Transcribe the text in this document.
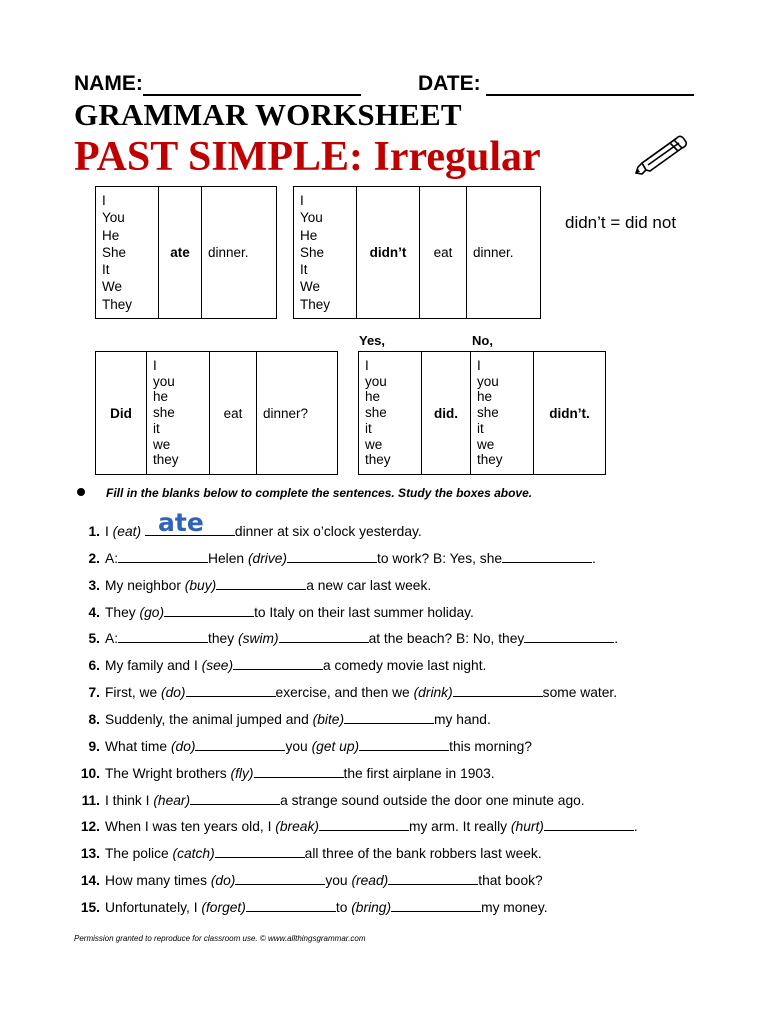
NAME:	DATE:
GRAMMAR WORKSHEET
PAST SIMPLE: Irregular
I
You
He
She
It
We
They
	ate	dinner.
I
You
He
She
It
We
They
	didn’t	eat	dinner.
didn’t = did not
Yes,	No,
Did	
I
you
he
she
it
we
they
	eat	dinner?
I
you
he
she
it
we
they
	did.	
I
you
he
she
it
we
they
	didn’t.
Fill in the blanks below to complete the sentences. Study the boxes above.
1. I (eat)	dinner at six o’clock yesterday.
2. A:	Helen (drive)	to work? B: Yes, she	.
3. My neighbor (buy)	a new car last week.
4. They (go)	to Italy on their last summer holiday.
5. A:	they (swim)	at the beach? B: No, they	.
6. My family and I (see)	a comedy movie last night.
7. First, we (do)	exercise, and then we (drink)	some water.
8. Suddenly, the animal jumped and (bite)	my hand.
9. What time (do)	you (get up)	this morning?
10. The Wright brothers (fly)	the first airplane in 1903.
11. I think I (hear)	a strange sound outside the door one minute ago.
12. When I was ten years old, I (break)	my arm. It really (hurt)	.
13. The police (catch)	all three of the bank robbers last week.
14. How many times (do)	you (read)	that book?
15. Unfortunately, I (forget)	to (bring)	my money.
Permission granted to reproduce for classroom use. © www.allthingsgrammar.com
ate
